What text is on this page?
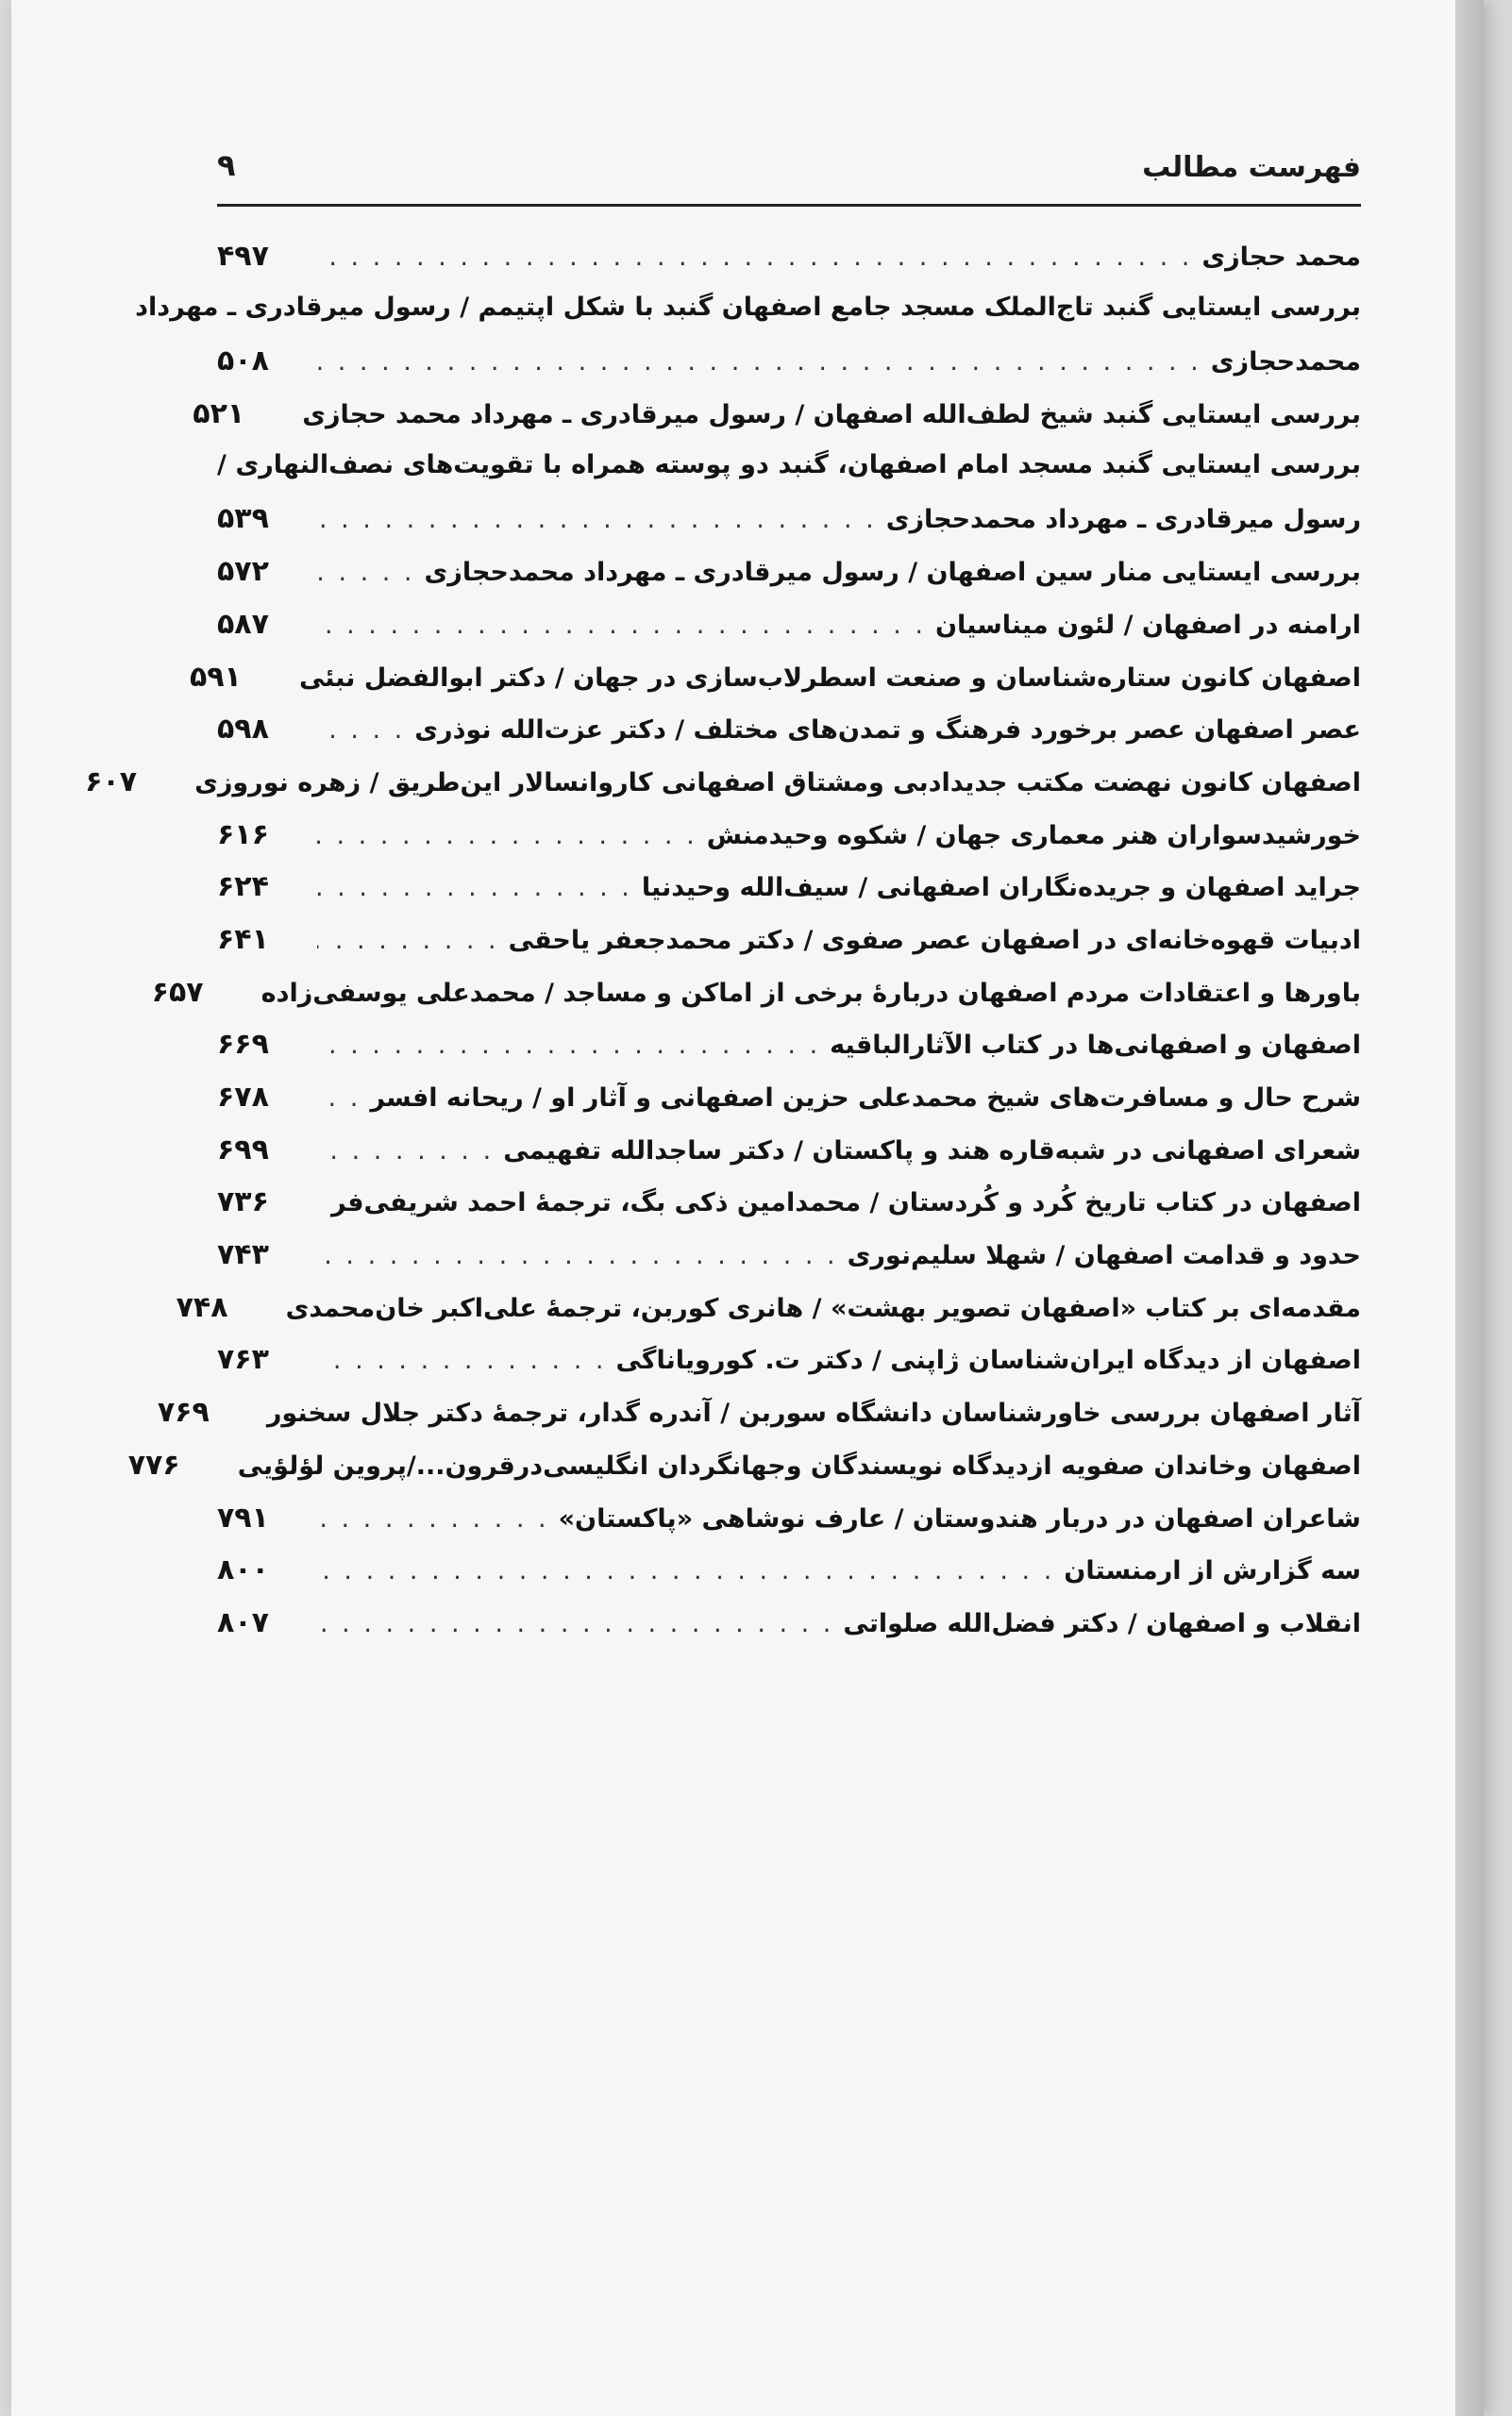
فهرست مطالب
۹
محمد حجازی
. . .
۴۹۷
بررسی ایستایی گنبد تاج‌الملک مسجد جامع اصفهان گنبد با شکل اپتیمم / رسول میرقادری ـ مهرداد
محمدحجازی
. . .
۵۰۸
بررسی ایستایی گنبد شیخ لطف‌الله اصفهان / رسول میرقادری ـ مهرداد محمد حجازی
۵۲۱
بررسی ایستایی گنبد مسجد امام اصفهان، گنبد دو پوسته همراه با تقویت‌های نصف‌النهاری /
رسول میرقادری ـ مهرداد محمدحجازی
. . .
۵۳۹
بررسی ایستایی منار سین اصفهان / رسول میرقادری ـ مهرداد محمدحجازی
. . .
۵۷۲
ارامنه در اصفهان / لئون میناسیان
. . .
۵۸۷
اصفهان کانون ستاره‌شناسان و صنعت اسطرلاب‌سازی در جهان / دکتر ابوالفضل نبئی
۵۹۱
عصر اصفهان عصر برخورد فرهنگ و تمدن‌های مختلف / دکتر عزت‌الله نوذری
. . .
۵۹۸
اصفهان کانون نهضت مکتب جدیدادبی ومشتاق اصفهانی کاروانسالار این‌طریق / زهره نوروزی
۶۰۷
خورشیدسواران هنر معماری جهان / شکوه وحیدمنش
. . .
۶۱۶
جراید اصفهان و جریده‌نگاران اصفهانی / سیف‌الله وحیدنیا
. . .
۶۲۴
ادبیات قهوه‌خانه‌ای در اصفهان عصر صفوی / دکتر محمدجعفر یاحقی
. . .
۶۴۱
باورها و اعتقادات مردم اصفهان دربارهٔ برخی از اماکن و مساجد / محمدعلی یوسفی‌زاده
۶۵۷
اصفهان و اصفهانی‌ها در کتاب الآثارالباقیه
. . .
۶۶۹
شرح حال و مسافرت‌های شیخ محمدعلی حزین اصفهانی و آثار او / ریحانه افسر
. . .
۶۷۸
شعرای اصفهانی در شبه‌قاره هند و پاکستان / دکتر ساجدالله تفهیمی
. . .
۶۹۹
اصفهان در کتاب تاریخ کُرد و کُردستان / محمدامین ذکی بگ، ترجمهٔ احمد شریفی‌فر
. . .
۷۳۶
حدود و قدامت اصفهان / شهلا سلیم‌نوری
. . .
۷۴۳
مقدمه‌ای بر کتاب «اصفهان تصویر بهشت» / هانری کوربن، ترجمهٔ علی‌اکبر خان‌محمدی
۷۴۸
اصفهان از دیدگاه ایران‌شناسان ژاپنی / دکتر ت. کورویاناگی
. . .
۷۶۳
آثار اصفهان بررسی خاورشناسان دانشگاه سوربن / آندره گدار، ترجمهٔ دکتر جلال سخنور
۷۶۹
اصفهان وخاندان صفویه ازدیدگاه نویسندگان وجهانگردان انگلیسی‌درقرون.../پروین لؤلؤیی
۷۷۶
شاعران اصفهان در دربار هندوستان / عارف نوشاهی «پاکستان»
. . .
۷۹۱
سه گزارش از ارمنستان
. . .
۸۰۰
انقلاب و اصفهان / دکتر فضل‌الله صلواتی
. . .
۸۰۷
